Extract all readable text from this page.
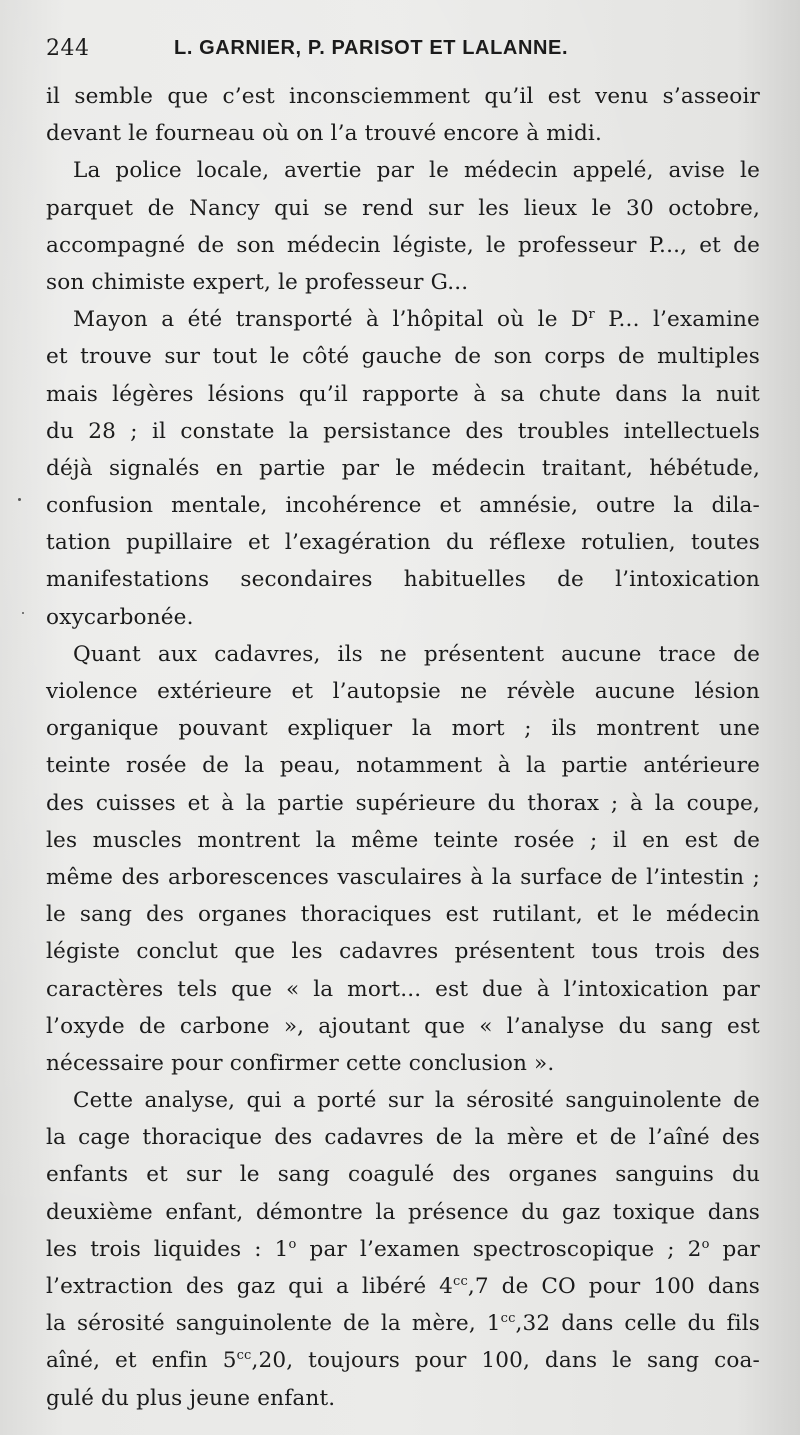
244	L. GARNIER, P. PARISOT ET LALANNE.
il semble que c’est inconsciemment qu’il est venu s’asseoir
devant le fourneau où on l’a trouvé encore à midi.
La police locale, avertie par le médecin appelé, avise le
parquet de Nancy qui se rend sur les lieux le 30 octobre,
accompagné de son médecin légiste, le professeur P..., et de
son chimiste expert, le professeur G...
Mayon a été transporté à l’hôpital où le $D^r$ P... l’examine
et trouve sur tout le côté gauche de son corps de multiples
mais légères lésions qu’il rapporte à sa chute dans la nuit
du 28 ; il constate la persistance des troubles intellectuels
déjà signalés en partie par le médecin traitant, hébétude,
confusion mentale, incohérence et amnésie, outre la dila-
tation pupillaire et l’exagération du réflexe rotulien, toutes
manifestations secondaires habituelles de l’intoxication
oxycarbonée.
Quant aux cadavres, ils ne présentent aucune trace de
violence extérieure et l’autopsie ne révèle aucune lésion
organique pouvant expliquer la mort ; ils montrent une
teinte rosée de la peau, notamment à la partie antérieure
des cuisses et à la partie supérieure du thorax ; à la coupe,
les muscles montrent la même teinte rosée ; il en est de
même des arborescences vasculaires à la surface de l’intestin ;
le sang des organes thoraciques est rutilant, et le médecin
légiste conclut que les cadavres présentent tous trois des
caractères tels que « la mort... est due à l’intoxication par
l’oxyde de carbone », ajoutant que « l’analyse du sang est
nécessaire pour confirmer cette conclusion ».
Cette analyse, qui a porté sur la sérosité sanguinolente de
la cage thoracique des cadavres de la mère et de l’aîné des
enfants et sur le sang coagulé des organes sanguins du
deuxième enfant, démontre la présence du gaz toxique dans
les trois liquides : 1$^o$ par l’examen spectroscopique ; 2$^o$ par
l’extraction des gaz qui a libéré $4^{cc},7$ de CO pour 100 dans
la sérosité sanguinolente de la mère, $1^{cc},32$ dans celle du fils
aîné, et enfin $5^{cc},20$, toujours pour 100, dans le sang coa-
gulé du plus jeune enfant.
